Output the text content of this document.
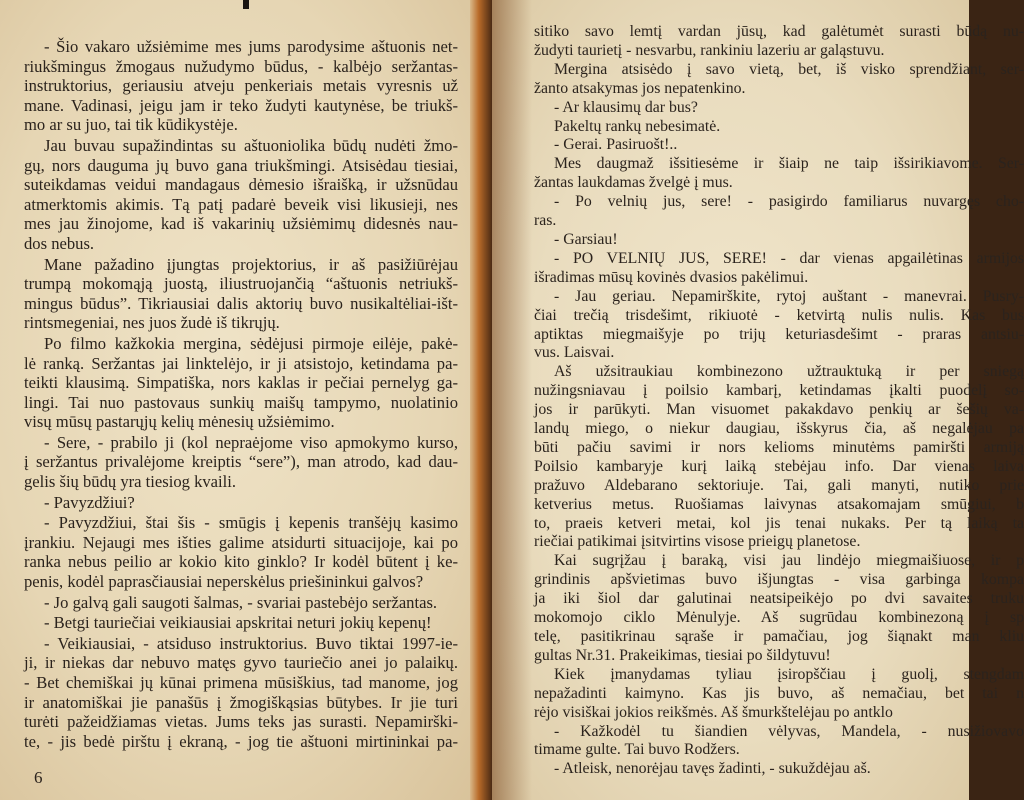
- Šio vakaro užsiėmime mes jums parodysime aštuonis net-
riukšmingus žmogaus nužudymo būdus, - kalbėjo seržantas-
instruktorius, geriausiu atveju penkeriais metais vyresnis už
mane. Vadinasi, jeigu jam ir teko žudyti kautynėse, be triukš-
mo ar su juo, tai tik kūdikystėje.
Jau buvau supažindintas su aštuoniolika būdų nudėti žmo-
gų, nors dauguma jų buvo gana triukšmingi. Atsisėdau tiesiai,
suteikdamas veidui mandagaus dėmesio išraišką, ir užsnūdau
atmerktomis akimis. Tą patį padarė beveik visi likusieji, nes
mes jau žinojome, kad iš vakarinių užsiėmimų didesnės nau-
dos nebus.
Mane pažadino įjungtas projektorius, ir aš pasižiūrėjau
trumpą mokomąją juostą, iliustruojančią “aštuonis netriukš-
mingus būdus”. Tikriausiai dalis aktorių buvo nusikaltėliai-išt-
rintsmegeniai, nes juos žudė iš tikrųjų.
Po filmo kažkokia mergina, sėdėjusi pirmoje eilėje, pakė-
lė ranką. Seržantas jai linktelėjo, ir ji atsistojo, ketindama pa-
teikti klausimą. Simpatiška, nors kaklas ir pečiai pernelyg ga-
lingi. Tai nuo pastovaus sunkių maišų tampymo, nuolatinio
visų mūsų pastarųjų kelių mėnesių užsiėmimo.
- Sere, - prabilo ji (kol nepraėjome viso apmokymo kurso,
į seržantus privalėjome kreiptis “sere”), man atrodo, kad dau-
gelis šių būdų yra tiesiog kvaili.
- Pavyzdžiui?
- Pavyzdžiui, štai šis - smūgis į kepenis tranšėjų kasimo
įrankiu. Nejaugi mes išties galime atsidurti situacijoje, kai po
ranka nebus peilio ar kokio kito ginklo? Ir kodėl būtent į ke-
penis, kodėl paprasčiausiai neperskėlus priešininkui galvos?
- Jo galvą gali saugoti šalmas, - svariai pastebėjo seržantas.
- Betgi tauriečiai veikiausiai apskritai neturi jokių kepenų!
- Veikiausiai, - atsiduso instruktorius. Buvo tiktai 1997-ie-
ji, ir niekas dar nebuvo matęs gyvo tauriečio anei jo palaikų.
- Bet chemiškai jų kūnai primena mūsiškius, tad manome, jog
ir anatomiškai jie panašūs į žmogiškąsias būtybes. Ir jie turi
turėti pažeidžiamas vietas. Jums teks jas surasti. Nepamirški-
te, - jis bedė pirštu į ekraną, - jog tie aštuoni mirtininkai pa-
6
sitiko savo lemtį vardan jūsų, kad galėtumėt surasti būdą nu-
žudyti taurietį - nesvarbu, rankiniu lazeriu ar galąstuvu.
Mergina atsisėdo į savo vietą, bet, iš visko sprendžiant, ser-
žanto atsakymas jos nepatenkino.
- Ar klausimų dar bus?
Pakeltų rankų nebesimatė.
- Gerai. Pasiruošt!..
Mes daugmaž išsitiesėme ir šiaip ne taip išsirikiavome. Ser-
žantas laukdamas žvelgė į mus.
- Po velnių jus, sere! - pasigirdo familiarus nuvargęs cho-
ras.
- Garsiau!
- PO VELNIŲ JUS, SERE! - dar vienas apgailėtinas armijos
išradimas mūsų kovinės dvasios pakėlimui.
- Jau geriau. Nepamirškite, rytoj auštant - manevrai. Pusry-
čiai trečią trisdešimt, rikiuotė - ketvirtą nulis nulis. Kas bus
aptiktas miegmaišyje po trijų keturiasdešimt - praras antsiu-
vus. Laisvai.
Aš užsitraukiau kombinezono užtrauktuką ir per sniegą
nužingsniavau į poilsio kambarį, ketindamas įkalti puodelį so-
jos ir parūkyti. Man visuomet pakakdavo penkių ar šešių va-
landų miego, o niekur daugiau, išskyrus čia, aš negalėjau pa
būti pačiu savimi ir nors kelioms minutėms pamiršti armiją
Poilsio kambaryje kurį laiką stebėjau info. Dar vienas laiva
pražuvo Aldebarano sektoriuje. Tai, gali manyti, nutiko prie
ketverius metus. Ruošiamas laivynas atsakomajam smūgiui, b
to, praeis ketveri metai, kol jis tenai nukaks. Per tą laiką ta
riečiai patikimai įsitvirtins visose prieigų planetose.
Kai sugrįžau į baraką, visi jau lindėjo miegmaišiuose, ir p
grindinis apšvietimas buvo išjungtas - visa garbinga kompa
ja iki šiol dar galutinai neatsipeikėjo po dvi savaites truku
mokomojo ciklo Mėnulyje. Aš sugrūdau kombinezoną į sp
telę, pasitikrinau sąraše ir pamačiau, jog šiąnakt man kliu
gultas Nr.31. Prakeikimas, tiesiai po šildytuvu!
Kiek įmanydamas tyliau įsiropščiau į guolį, stengdam
nepažadinti kaimyno. Kas jis buvo, aš nemačiau, bet tai n
rėjo visiškai jokios reikšmės. Aš šmurkštelėjau po antklo
- Kažkodėl tu šiandien vėlyvas, Mandela, - nusižiovavo
timame gulte. Tai buvo Rodžers.
- Atleisk, nenorėjau tavęs žadinti, - sukuždėjau aš.
